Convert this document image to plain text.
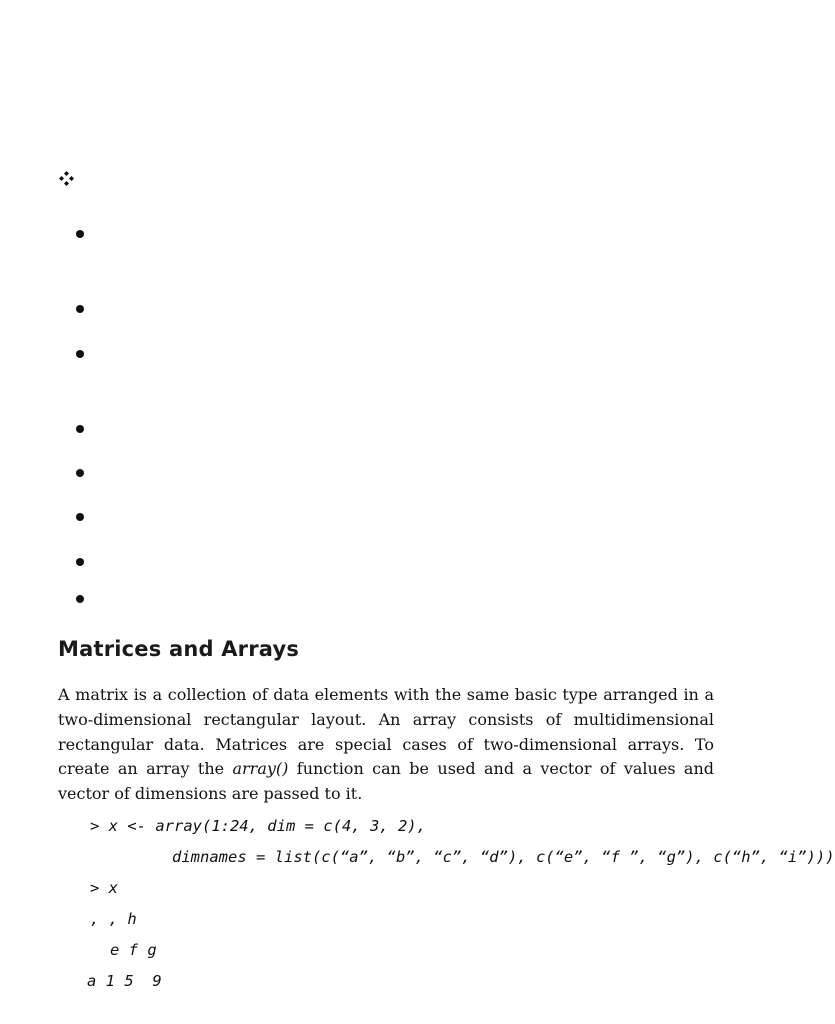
Matrices and Arrays

A matrix is a collection of data elements with the same basic type arranged in a two-dimensional rectangular layout. An array consists of multidimensional rectangular data. Matrices are special cases of two-dimensional arrays. To create an array the array() function can be used and a vector of values and vector of dimensions are passed to it.

> x <- array(1:24, dim = c(4, 3, 2),
dimnames = list(c(“a”, “b”, “c”, “d”), c(“e”, “f ”, “g”), c(“h”, “i”)))
> x
, , h
e f g
a 1 5  9
